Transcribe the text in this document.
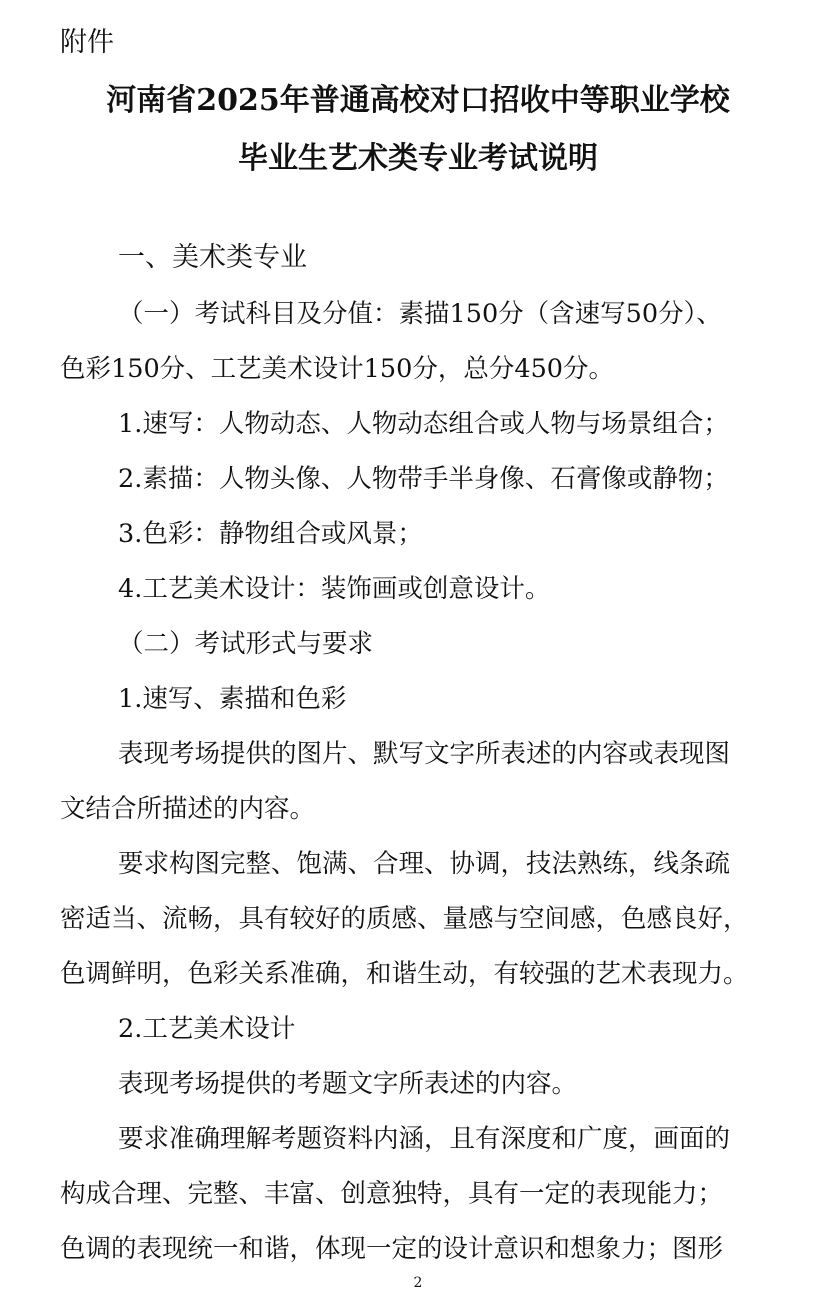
附件
河南省2025年普通高校对口招收中等职业学校
毕业生艺术类专业考试说明
一、美术类专业
（一）考试科目及分值：素描150分（含速写50分）、
色彩150分、工艺美术设计150分，总分450分。
1.速写：人物动态、人物动态组合或人物与场景组合；
2.素描：人物头像、人物带手半身像、石膏像或静物；
3.色彩：静物组合或风景；
4.工艺美术设计：装饰画或创意设计。
（二）考试形式与要求
1.速写、素描和色彩
表现考场提供的图片、默写文字所表述的内容或表现图
文结合所描述的内容。
要求构图完整、饱满、合理、协调，技法熟练，线条疏
密适当、流畅，具有较好的质感、量感与空间感，色感良好，
色调鲜明，色彩关系准确，和谐生动，有较强的艺术表现力。
2.工艺美术设计
表现考场提供的考题文字所表述的内容。
要求准确理解考题资料内涵，且有深度和广度，画面的
构成合理、完整、丰富、创意独特，具有一定的表现能力；
色调的表现统一和谐，体现一定的设计意识和想象力；图形
2
